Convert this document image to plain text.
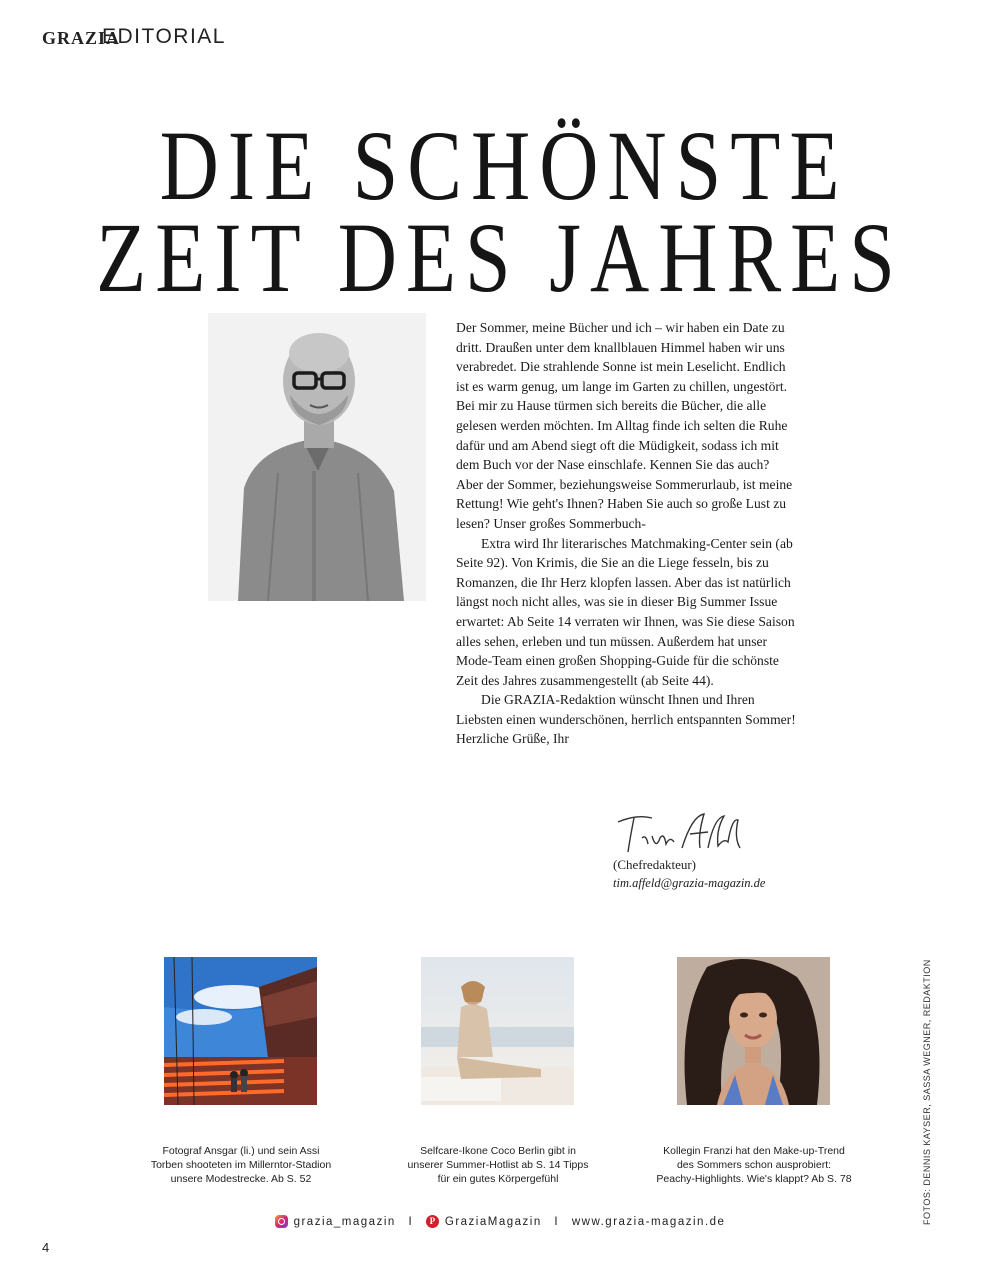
GRAZIA
EDITORIAL
DIE SCHÖNSTE
ZEIT DES JAHRES

Der Sommer, meine Bücher und ich – wir haben ein Date zu dritt. Draußen unter dem knallblauen Himmel haben wir uns verabredet. Die strahlende Sonne ist mein Leselicht. Endlich ist es warm genug, um lange im Garten zu chillen, ungestört. Bei mir zu Hause türmen sich bereits die Bücher, die alle gelesen werden möchten. Im Alltag finde ich selten die Ruhe dafür und am Abend siegt oft die Müdigkeit, sodass ich mit dem Buch vor der Nase einschlafe. Kennen Sie das auch? Aber der Sommer, beziehungsweise Sommerurlaub, ist meine Rettung! Wie geht's Ihnen? Haben Sie auch so große Lust zu lesen? Unser großes Sommerbuch-

Extra wird Ihr literarisches Matchmaking-Center sein (ab Seite 92). Von Krimis, die Sie an die Liege fesseln, bis zu Romanzen, die Ihr Herz klopfen lassen. Aber das ist natürlich längst noch nicht alles, was sie in dieser Big Summer Issue erwartet: Ab Seite 14 verraten wir Ihnen, was Sie diese Saison alles sehen, erleben und tun müssen. Außerdem hat unser Mode-Team einen großen Shopping-Guide für die schönste Zeit des Jahres zusammengestellt (ab Seite 44).

Die GRAZIA-Redaktion wünscht Ihnen und Ihren Liebsten einen wunderschönen, herrlich entspannten Sommer! Herzliche Grüße, Ihr

(Chefredakteur)
tim.affeld@grazia-magazin.de
Fotograf Ansgar (li.) und sein Assi
Torben shooteten im Millerntor-Stadion
unsere Modestrecke. Ab S. 52
Selfcare-Ikone Coco Berlin gibt in
unserer Summer-Hotlist ab S. 14 Tipps
für ein gutes Körpergefühl
Kollegin Franzi hat den Make-up-Trend
des Sommers schon ausprobiert:
Peachy-Highlights. Wie's klappt? Ab S. 78	FOTOS: DENNIS KAYSER, SASSA WEGNER, REDAKTION
grazia_magazin I	P GraziaMagazin I www.grazia-magazin.de
4
